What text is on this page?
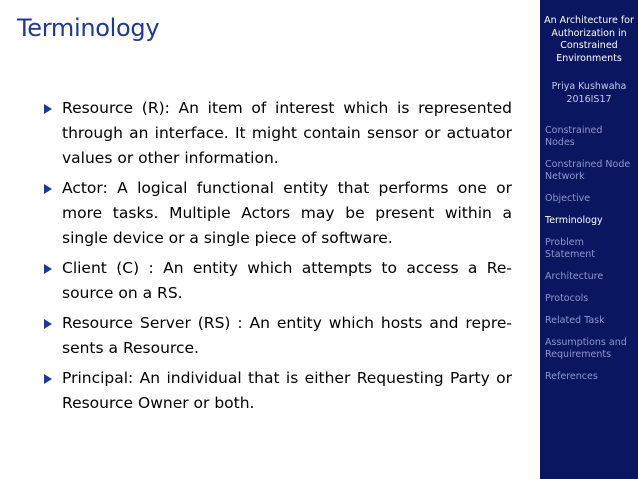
Terminology
Resource (R): An item of interest which is represented through an interface. It might contain sensor or actuator values or other information.
Actor: A logical functional entity that performs one or more tasks. Multiple Actors may be present within a single device or a single piece of software.
Client (C) : An entity which attempts to access a Re- source on a RS.
Resource Server (RS) : An entity which hosts and repre- sents a Resource.
Principal: An individual that is either Requesting Party or Resource Owner or both.
An Architecture for Authorization in Constrained Environments
Priya Kushwaha
2016IS17
Constrained Nodes
Constrained Node Network
Objective
Terminology
Problem Statement
Architecture
Protocols
Related Task
Assumptions and Requirements
References
